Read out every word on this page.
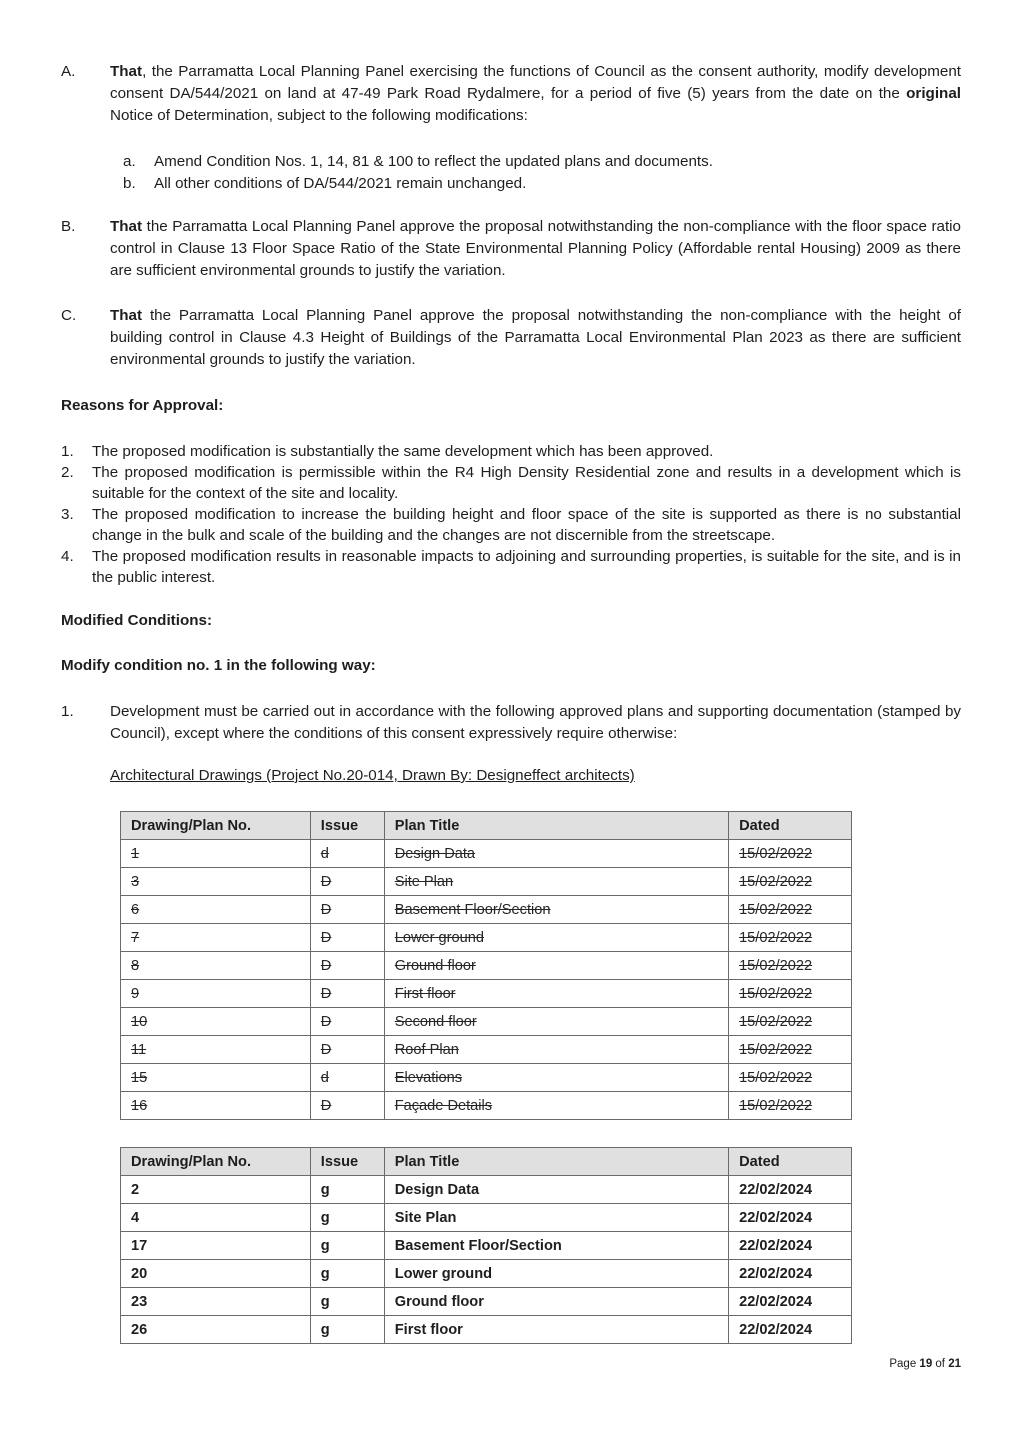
A. That, the Parramatta Local Planning Panel exercising the functions of Council as the consent authority, modify development consent DA/544/2021 on land at 47-49 Park Road Rydalmere, for a period of five (5) years from the date on the original Notice of Determination, subject to the following modifications:
a. Amend Condition Nos. 1, 14, 81 & 100 to reflect the updated plans and documents.
b. All other conditions of DA/544/2021 remain unchanged.
B. That the Parramatta Local Planning Panel approve the proposal notwithstanding the non-compliance with the floor space ratio control in Clause 13 Floor Space Ratio of the State Environmental Planning Policy (Affordable rental Housing) 2009 as there are sufficient environmental grounds to justify the variation.
C. That the Parramatta Local Planning Panel approve the proposal notwithstanding the non-compliance with the height of building control in Clause 4.3 Height of Buildings of the Parramatta Local Environmental Plan 2023 as there are sufficient environmental grounds to justify the variation.
Reasons for Approval:
1. The proposed modification is substantially the same development which has been approved.
2. The proposed modification is permissible within the R4 High Density Residential zone and results in a development which is suitable for the context of the site and locality.
3. The proposed modification to increase the building height and floor space of the site is supported as there is no substantial change in the bulk and scale of the building and the changes are not discernible from the streetscape.
4. The proposed modification results in reasonable impacts to adjoining and surrounding properties, is suitable for the site, and is in the public interest.
Modified Conditions:
Modify condition no. 1 in the following way:
1. Development must be carried out in accordance with the following approved plans and supporting documentation (stamped by Council), except where the conditions of this consent expressively require otherwise:
Architectural Drawings (Project No.20-014, Drawn By: Designeffect architects)
Drawing/Plan No.	Issue	Plan Title	Dated
1	d	Design Data	15/02/2022
3	D	Site Plan	15/02/2022
6	D	Basement Floor/Section	15/02/2022
7	D	Lower ground	15/02/2022
8	D	Ground floor	15/02/2022
9	D	First floor	15/02/2022
10	D	Second floor	15/02/2022
11	D	Roof Plan	15/02/2022
15	d	Elevations	15/02/2022
16	D	Façade Details	15/02/2022
Drawing/Plan No.	Issue	Plan Title	Dated
2	g	Design Data	22/02/2024
4	g	Site Plan	22/02/2024
17	g	Basement Floor/Section	22/02/2024
20	g	Lower ground	22/02/2024
23	g	Ground floor	22/02/2024
26	g	First floor	22/02/2024
Page 19 of 21
